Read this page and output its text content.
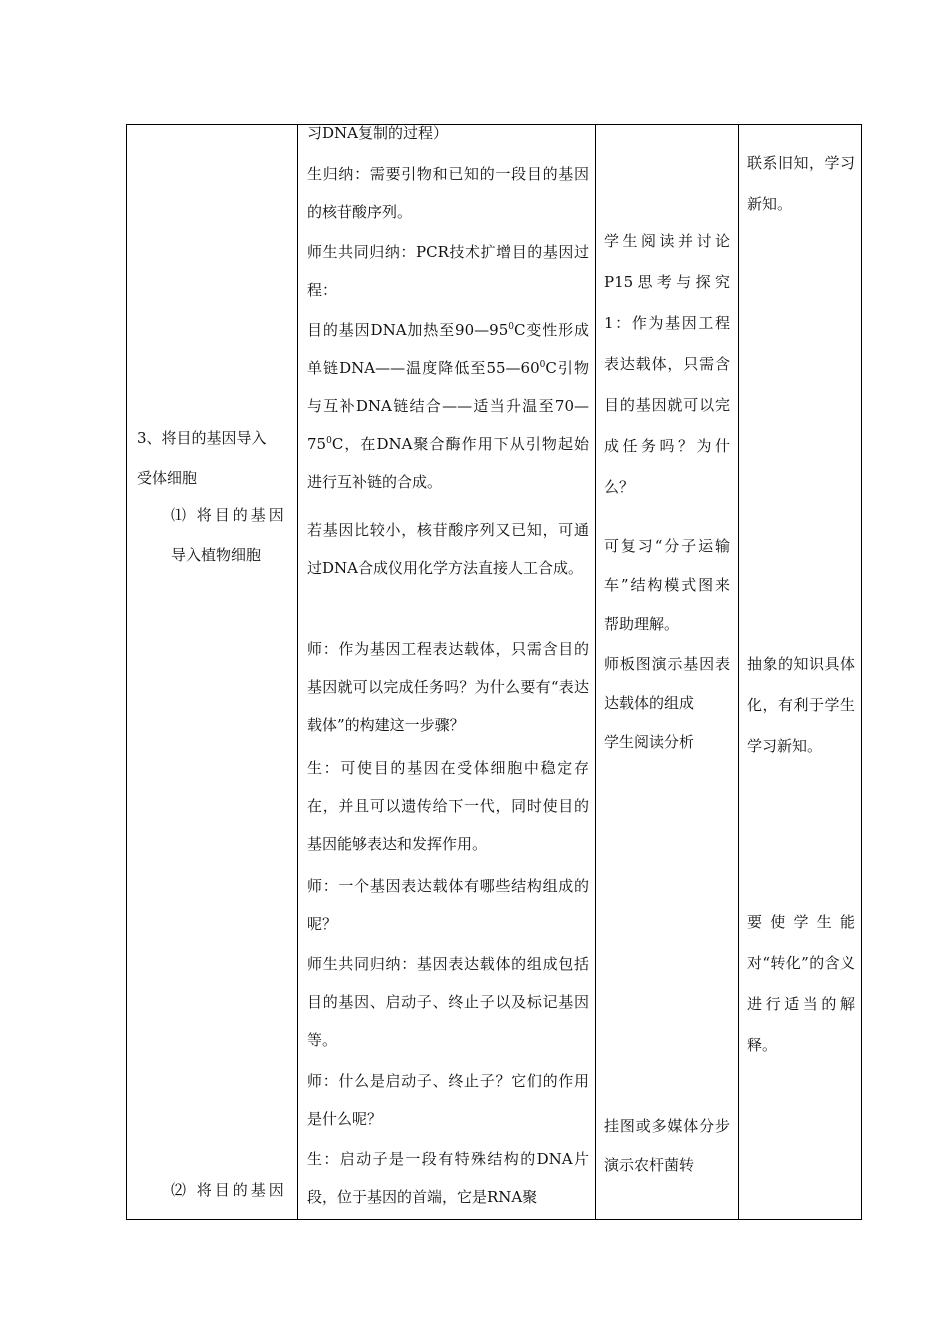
3、将目的基因导入

受体细胞

⑴ 将目的基因

导入植物细胞

⑵ 将目的基因

习DNA复制的过程）

生归纳：需要引物和已知的一段目的基因的核苷酸序列。

师生共同归纳：PCR技术扩增目的基因过程：

目的基因DNA加热至$90—95^0C$变性形成单链DNA——温度降低至$55—60^0C$引物与互补DNA链结合——适当升温至$70—75^0C$，在DNA聚合酶作用下从引物起始进行互补链的合成。

若基因比较小，核苷酸序列又已知，可通过DNA合成仪用化学方法直接人工合成。

师：作为基因工程表达载体，只需含目的基因就可以完成任务吗？为什么要有“表达载体”的构建这一步骤？

生：可使目的基因在受体细胞中稳定存在，并且可以遗传给下一代，同时使目的基因能够表达和发挥作用。

师：一个基因表达载体有哪些结构组成的呢？

师生共同归纳：基因表达载体的组成包括目的基因、启动子、终止子以及标记基因等。

师：什么是启动子、终止子？它们的作用是什么呢？

生：启动子是一段有特殊结构的DNA片段，位于基因的首端，它是RNA聚

学生阅读并讨论P15思考与探究1：作为基因工程表达载体，只需含目的基因就可以完成任务吗？为什么？

可复习“分子运输车”结构模式图来帮助理解。

师板图演示基因表达载体的组成

学生阅读分析

挂图或多媒体分步演示农杆菌转

联系旧知，学习新知。

抽象的知识具体化，有利于学生学习新知。

要使学生能对“转化”的含义进行适当的解释。
